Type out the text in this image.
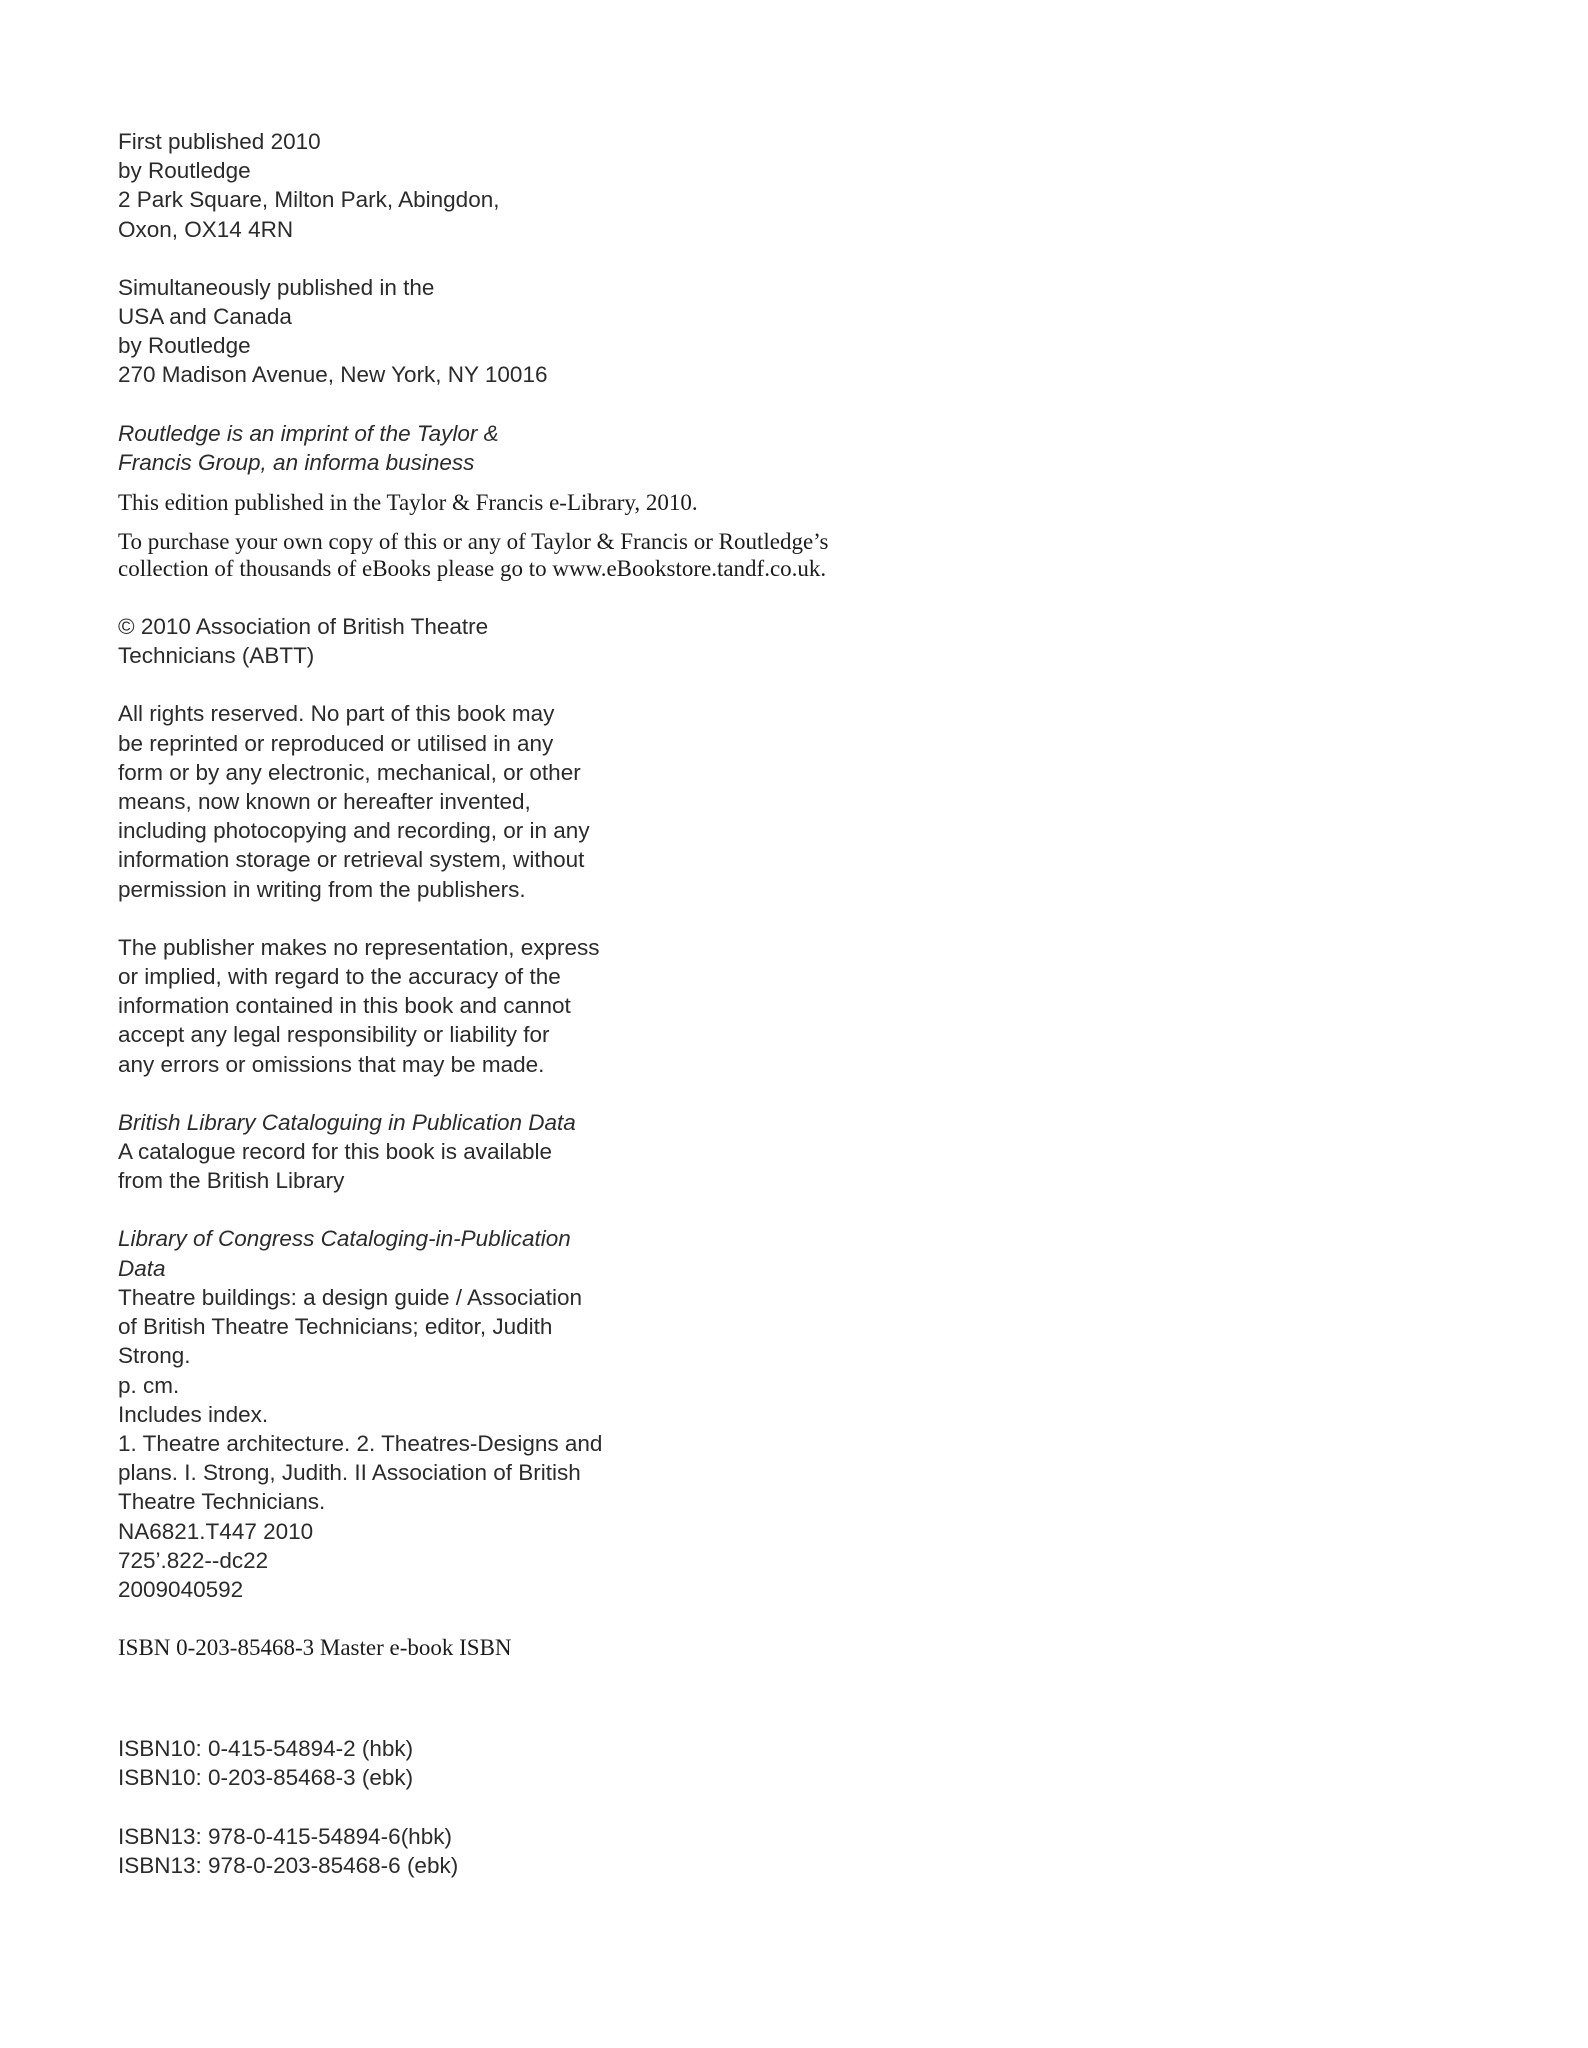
First published 2010
by Routledge
2 Park Square, Milton Park, Abingdon,
Oxon, OX14 4RN
Simultaneously published in the
USA and Canada
by Routledge
270 Madison Avenue, New York, NY 10016
Routledge is an imprint of the Taylor &
Francis Group, an informa business
This edition published in the Taylor & Francis e-Library, 2010.
To purchase your own copy of this or any of Taylor & Francis or Routledge’s
collection of thousands of eBooks please go to www.eBookstore.tandf.co.uk.
© 2010 Association of British Theatre
Technicians (ABTT)
All rights reserved. No part of this book may
be reprinted or reproduced or utilised in any
form or by any electronic, mechanical, or other
means, now known or hereafter invented,
including photocopying and recording, or in any
information storage or retrieval system, without
permission in writing from the publishers.
The publisher makes no representation, express
or implied, with regard to the accuracy of the
information contained in this book and cannot
accept any legal responsibility or liability for
any errors or omissions that may be made.
British Library Cataloguing in Publication Data
A catalogue record for this book is available
from the British Library
Library of Congress Cataloging-in-Publication
Data
Theatre buildings: a design guide / Association
of British Theatre Technicians; editor, Judith
Strong.
p. cm.
Includes index.
1. Theatre architecture. 2. Theatres-Designs and
plans. I. Strong, Judith. II Association of British
Theatre Technicians.
NA6821.T447 2010
725’.822--dc22
2009040592
ISBN 0-203-85468-3 Master e-book ISBN
ISBN10: 0-415-54894-2 (hbk)
ISBN10: 0-203-85468-3 (ebk)
ISBN13: 978-0-415-54894-6(hbk)
ISBN13: 978-0-203-85468-6 (ebk)
